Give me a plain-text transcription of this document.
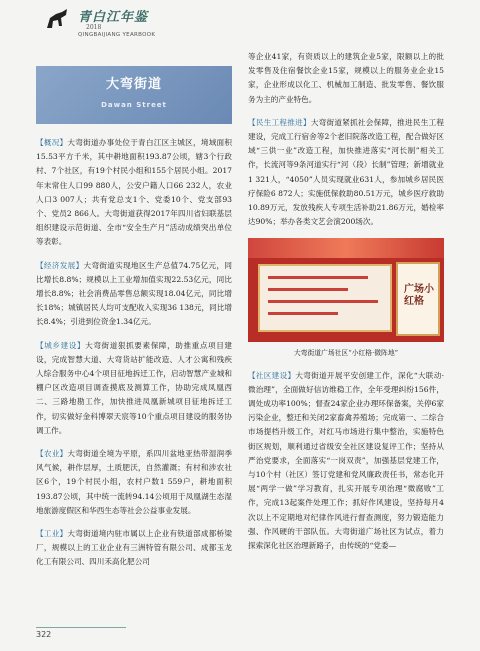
青白江年鉴
2018
QINGBAIJIANG YEARBOOK
大弯街道
Dawan Street

【概况】大弯街道办事处位于青白江区主城区，境域面积15.53平方千米，其中耕地面积193.87公顷，辖3个行政村、7个社区，有19个村民小组和155个居民小组。2017年末常住人口99 880人，公安户籍人口66 232人，农业人口3 007人；共有党总支1个、党委10个、党支部93个、党员2 866人。大弯街道获得2017年四川省妇联基层组织建设示范街道、全市“安全生产月”活动成绩突出单位等表彰。

【经济发展】大弯街道实现地区生产总值74.75亿元，同比增长8.8%；规模以上工业增加值实现22.53亿元，同比增长8.8%；社会消费品零售总额实现18.04亿元，同比增长18%；城镇居民人均可支配收入实现36 138元，同比增长8.4%；引进到位资金1.34亿元。

【城乡建设】大弯街道狠抓要素保障，助推重点项目建设，完成智慧大道、大弯货站扩能改造、人才公寓和残疾人综合服务中心4个项目征地拆迁工作，启动智慧产业城和棚户区改造项目调查摸底及测算工作，协助完成凤凰西二、三路地勘工作，加快推进凤凰新城项目征地拆迁工作，切实做好金科博翠天宸等10个重点项目建设的服务协调工作。

【农业】大弯街道全境为平原，系四川盆地亚热带湿润季风气候，耕作层厚，土质肥沃，自然灌溉；有村和涉农社区6个，19个村民小组，农村户数1 559户，耕地面积193.87公顷，其中统一流转94.14公顷用于凤凰湖生态湿地旅游度假区和华西生态等社会公益事业发展。

【工业】大弯街道境内驻市属以上企业有铁道部成都桥梁厂，规模以上的工业企业有三洲特管有限公司、成都玉龙化工有限公司、四川禾高化肥公司

等企业41家，有资质以上的建筑企业5家，限额以上的批发零售及住宿餐饮企业15家，规模以上的服务业企业15家，企业形成以化工、机械加工制造、批发零售、餐饮服务为主的产业特色。

【民生工程推进】大弯街道紧抓社会保障，推进民生工程建设，完成工行宿舍等2个老旧院落改造工程，配合做好区域“三供一业”改造工程，加快推进落实“河长制”相关工作，长流河等9条河道实行“河（段）长制”管理；新增就业1 321人，“4050”人员实现就业631人，参加城乡居民医疗保险6 872人；实施低保救助80.51万元，城乡医疗救助10.89万元，发放残疾人专项生活补助21.86万元，婚检率达90%；举办各类文艺会演200场次。

广场小红格
大弯街道广场社区“小红格·微阵地”

【社区建设】大弯街道开展平安创建工作，深化“大联动·微治理”，全面做好信访维稳工作，全年受理纠纷156件，调处成功率100%；督查24家企业办理环保备案，关停6家污染企业，整迁和关闭2家畜禽养殖场；完成第一、二综合市场提档升级工作，对红马市场进行集中整治，实施特色街区规划，顺利通过省级安全社区建设复评工作；坚持从严治党要求，全面落实“一岗双责”，加强基层党建工作，与10个村（社区）签订党建和党风廉政责任书，常态化开展“两学一做”学习教育，扎实开展专项治理“微腐败”工作，完成13起案件处理工作；抓好作风建设，坚持每月4次以上不定期地对纪律作风进行督查测度，努力锻造能力强、作风硬的干部队伍。大弯街道广场社区为试点，着力探索深化社区治理新路子，由传统的“党委—

322
